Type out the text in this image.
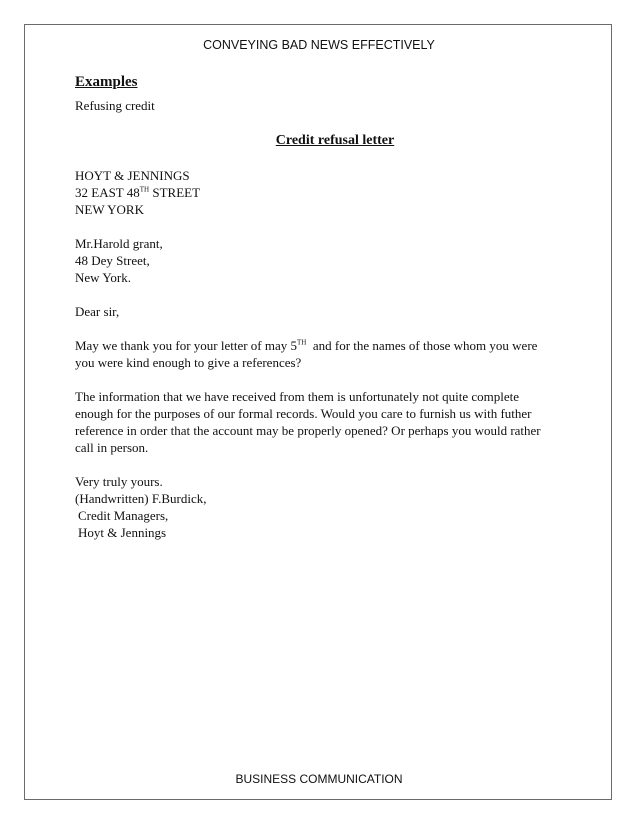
CONVEYING BAD NEWS EFFECTIVELY

Examples

Refusing credit

Credit refusal letter

HOYT & JENNINGS

32 EAST 48TH STREET

NEW YORK

Mr.Harold grant,

48 Dey Street,

New York.

Dear sir,

May we thank you for your letter of may 5TH  and for the names of those whom you were

you were kind enough to give a references?

The information that we have received from them is unfortunately not quite complete

enough for the purposes of our formal records. Would you care to furnish us with futher

reference in order that the account may be properly opened? Or perhaps you would rather

call in person.

Very truly yours.

(Handwritten) F.Burdick,

Credit Managers,

Hoyt & Jennings

BUSINESS COMMUNICATION
